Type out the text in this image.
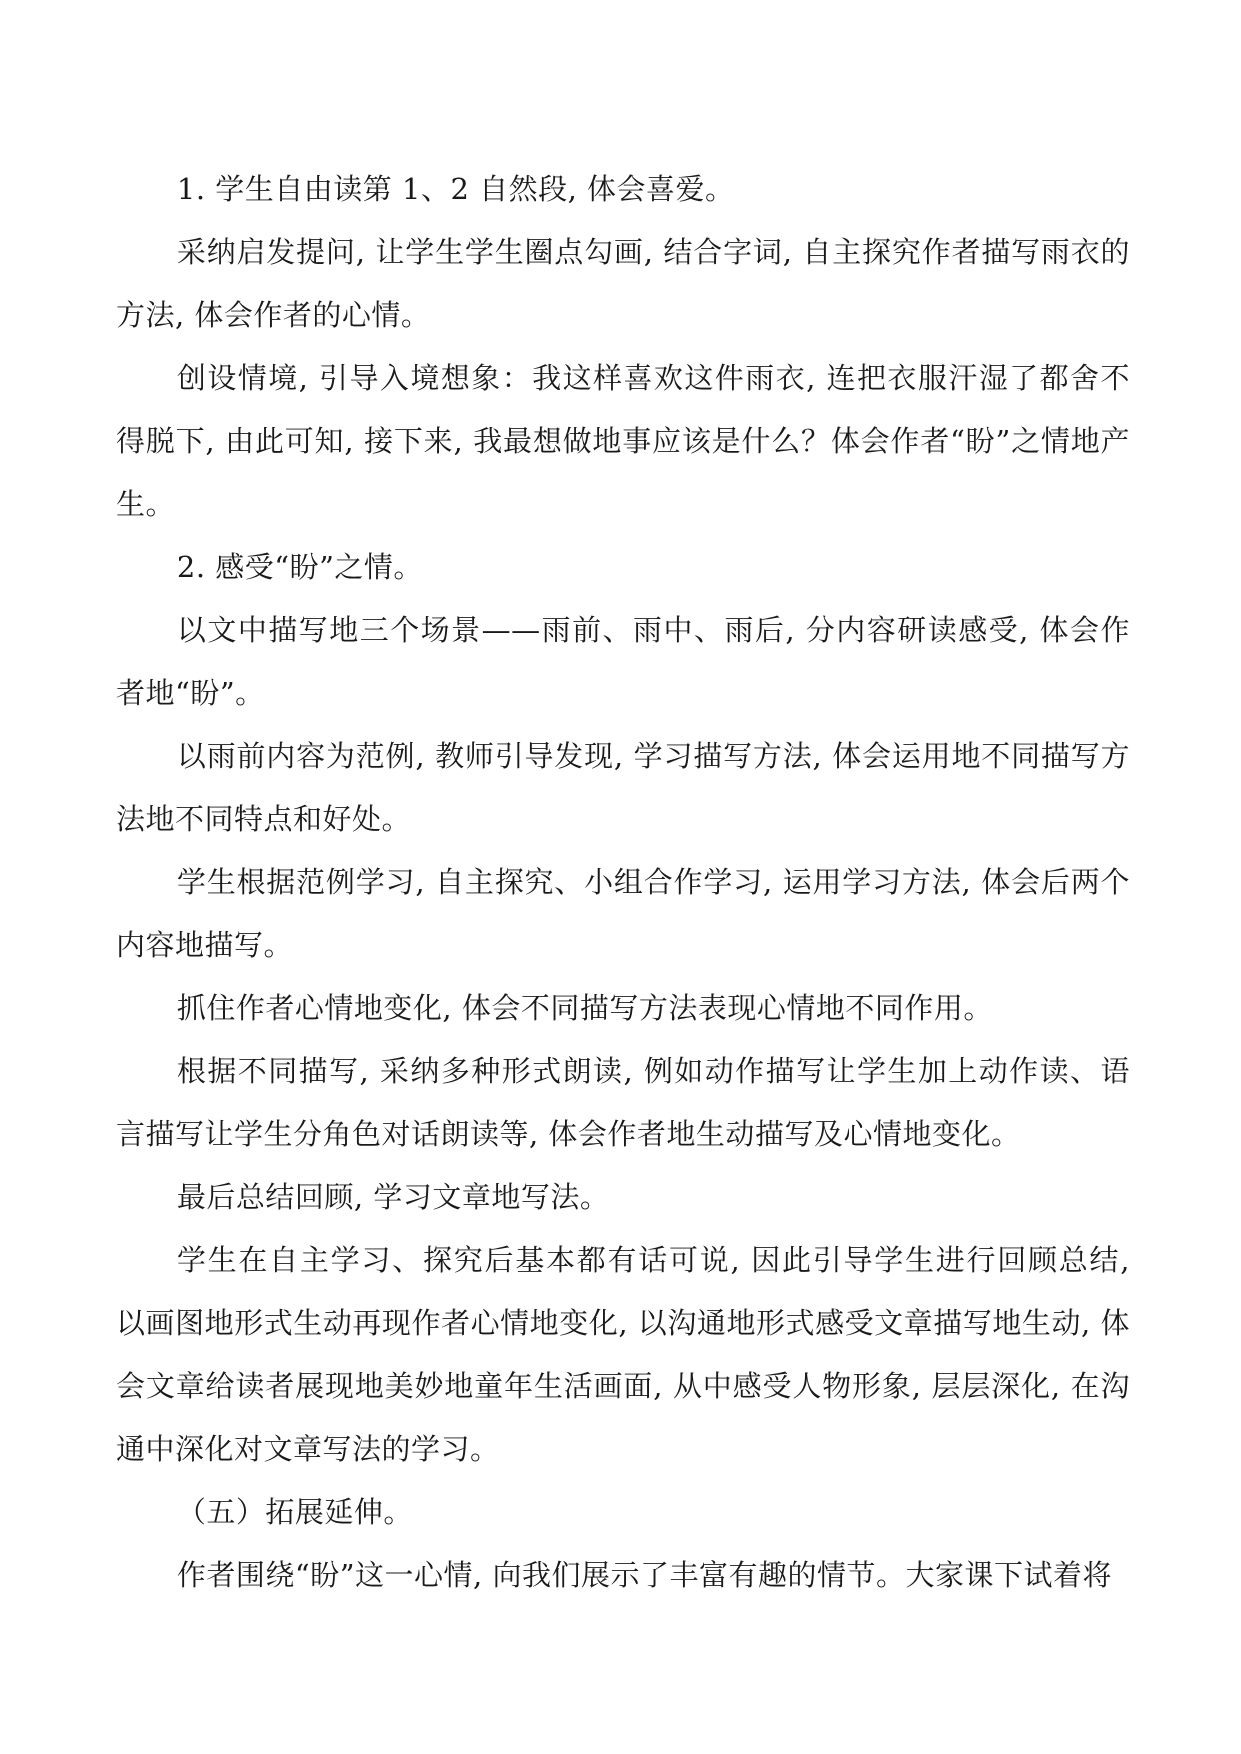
1. 学生自由读第 1、2 自然段, 体会喜爱。

采纳启发提问, 让学生学生圈点勾画, 结合字词, 自主探究作者描写雨衣的方法, 体会作者的心情。

创设情境, 引导入境想象：我这样喜欢这件雨衣, 连把衣服汗湿了都舍不得脱下, 由此可知, 接下来, 我最想做地事应该是什么？体会作者“盼”之情地产生。

2. 感受“盼”之情。

以文中描写地三个场景——雨前、雨中、雨后, 分内容研读感受, 体会作者地“盼”。

以雨前内容为范例, 教师引导发现, 学习描写方法, 体会运用地不同描写方法地不同特点和好处。

学生根据范例学习, 自主探究、小组合作学习, 运用学习方法, 体会后两个内容地描写。

抓住作者心情地变化, 体会不同描写方法表现心情地不同作用。

根据不同描写, 采纳多种形式朗读, 例如动作描写让学生加上动作读、语言描写让学生分角色对话朗读等, 体会作者地生动描写及心情地变化。

最后总结回顾, 学习文章地写法。

学生在自主学习、探究后基本都有话可说, 因此引导学生进行回顾总结, 以画图地形式生动再现作者心情地变化, 以沟通地形式感受文章描写地生动, 体会文章给读者展现地美妙地童年生活画面, 从中感受人物形象, 层层深化, 在沟通中深化对文章写法的学习。

（五）拓展延伸。

作者围绕“盼”这一心情, 向我们展示了丰富有趣的情节。大家课下试着将
